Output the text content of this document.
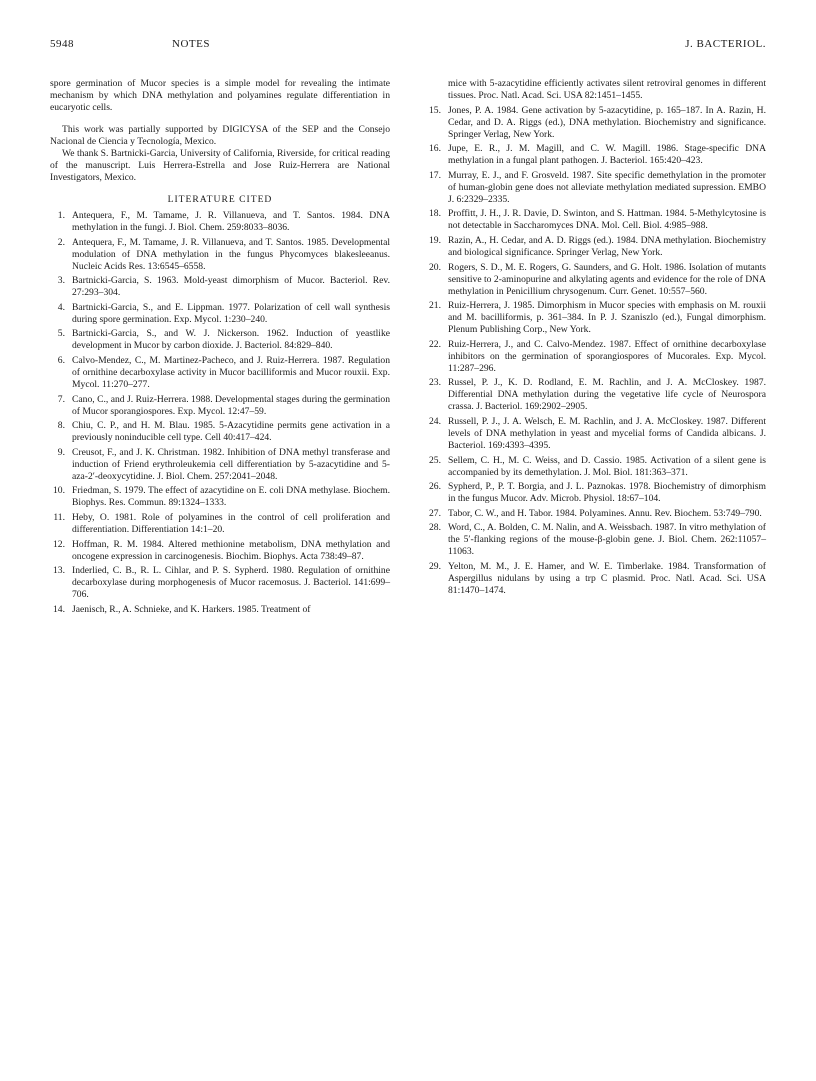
5948	NOTES	J. BACTERIOL.

spore germination of Mucor species is a simple model for revealing the intimate mechanism by which DNA methylation and polyamines regulate differentiation in eucaryotic cells.

This work was partially supported by DIGICYSA of the SEP and the Consejo Nacional de Ciencia y Tecnología, Mexico.

We thank S. Bartnicki-Garcia, University of California, Riverside, for critical reading of the manuscript. Luis Herrera-Estrella and Jose Ruiz-Herrera are National Investigators, Mexico.

LITERATURE CITED
1. Antequera, F., M. Tamame, J. R. Villanueva, and T. Santos. 1984. DNA methylation in the fungi. J. Biol. Chem. 259:8033–8036.
2. Antequera, F., M. Tamame, J. R. Villanueva, and T. Santos. 1985. Developmental modulation of DNA methylation in the fungus Phycomyces blakesleeanus. Nucleic Acids Res. 13:6545–6558.
3. Bartnicki-Garcia, S. 1963. Mold-yeast dimorphism of Mucor. Bacteriol. Rev. 27:293–304.
4. Bartnicki-Garcia, S., and E. Lippman. 1977. Polarization of cell wall synthesis during spore germination. Exp. Mycol. 1:230–240.
5. Bartnicki-Garcia, S., and W. J. Nickerson. 1962. Induction of yeastlike development in Mucor by carbon dioxide. J. Bacteriol. 84:829–840.
6. Calvo-Mendez, C., M. Martinez-Pacheco, and J. Ruiz-Herrera. 1987. Regulation of ornithine decarboxylase activity in Mucor bacilliformis and Mucor rouxii. Exp. Mycol. 11:270–277.
7. Cano, C., and J. Ruiz-Herrera. 1988. Developmental stages during the germination of Mucor sporangiospores. Exp. Mycol. 12:47–59.
8. Chiu, C. P., and H. M. Blau. 1985. 5-Azacytidine permits gene activation in a previously noninducible cell type. Cell 40:417–424.
9. Creusot, F., and J. K. Christman. 1982. Inhibition of DNA methyl transferase and induction of Friend erythroleukemia cell differentiation by 5-azacytidine and 5-aza-2′-deoxycytidine. J. Biol. Chem. 257:2041–2048.
10. Friedman, S. 1979. The effect of azacytidine on E. coli DNA methylase. Biochem. Biophys. Res. Commun. 89:1324–1333.
11. Heby, O. 1981. Role of polyamines in the control of cell proliferation and differentiation. Differentiation 14:1–20.
12. Hoffman, R. M. 1984. Altered methionine metabolism, DNA methylation and oncogene expression in carcinogenesis. Biochim. Biophys. Acta 738:49–87.
13. Inderlied, C. B., R. L. Cihlar, and P. S. Sypherd. 1980. Regulation of ornithine decarboxylase during morphogenesis of Mucor racemosus. J. Bacteriol. 141:699–706.
14. Jaenisch, R., A. Schnieke, and K. Harkers. 1985. Treatment of

mice with 5-azacytidine efficiently activates silent retroviral genomes in different tissues. Proc. Natl. Acad. Sci. USA 82:1451–1455.

15. Jones, P. A. 1984. Gene activation by 5-azacytidine, p. 165–187. In A. Razin, H. Cedar, and D. A. Riggs (ed.), DNA methylation. Biochemistry and significance. Springer Verlag, New York.
16. Jupe, E. R., J. M. Magill, and C. W. Magill. 1986. Stage-specific DNA methylation in a fungal plant pathogen. J. Bacteriol. 165:420–423.
17. Murray, E. J., and F. Grosveld. 1987. Site specific demethylation in the promoter of human-globin gene does not alleviate methylation mediated supression. EMBO J. 6:2329–2335.
18. Proffitt, J. H., J. R. Davie, D. Swinton, and S. Hattman. 1984. 5-Methylcytosine is not detectable in Saccharomyces DNA. Mol. Cell. Biol. 4:985–988.
19. Razin, A., H. Cedar, and A. D. Riggs (ed.). 1984. DNA methylation. Biochemistry and biological significance. Springer Verlag, New York.
20. Rogers, S. D., M. E. Rogers, G. Saunders, and G. Holt. 1986. Isolation of mutants sensitive to 2-aminopurine and alkylating agents and evidence for the role of DNA methylation in Penicillium chrysogenum. Curr. Genet. 10:557–560.
21. Ruiz-Herrera, J. 1985. Dimorphism in Mucor species with emphasis on M. rouxii and M. bacilliformis, p. 361–384. In P. J. Szaniszlo (ed.), Fungal dimorphism. Plenum Publishing Corp., New York.
22. Ruiz-Herrera, J., and C. Calvo-Mendez. 1987. Effect of ornithine decarboxylase inhibitors on the germination of sporangiospores of Mucorales. Exp. Mycol. 11:287–296.
23. Russel, P. J., K. D. Rodland, E. M. Rachlin, and J. A. McCloskey. 1987. Differential DNA methylation during the vegetative life cycle of Neurospora crassa. J. Bacteriol. 169:2902–2905.
24. Russell, P. J., J. A. Welsch, E. M. Rachlin, and J. A. McCloskey. 1987. Different levels of DNA methylation in yeast and mycelial forms of Candida albicans. J. Bacteriol. 169:4393–4395.
25. Sellem, C. H., M. C. Weiss, and D. Cassio. 1985. Activation of a silent gene is accompanied by its demethylation. J. Mol. Biol. 181:363–371.
26. Sypherd, P., P. T. Borgia, and J. L. Paznokas. 1978. Biochemistry of dimorphism in the fungus Mucor. Adv. Microb. Physiol. 18:67–104.
27. Tabor, C. W., and H. Tabor. 1984. Polyamines. Annu. Rev. Biochem. 53:749–790.
28. Word, C., A. Bolden, C. M. Nalin, and A. Weissbach. 1987. In vitro methylation of the 5′-flanking regions of the mouse-β-globin gene. J. Biol. Chem. 262:11057–11063.
29. Yelton, M. M., J. E. Hamer, and W. E. Timberlake. 1984. Transformation of Aspergillus nidulans by using a trp C plasmid. Proc. Natl. Acad. Sci. USA 81:1470–1474.
